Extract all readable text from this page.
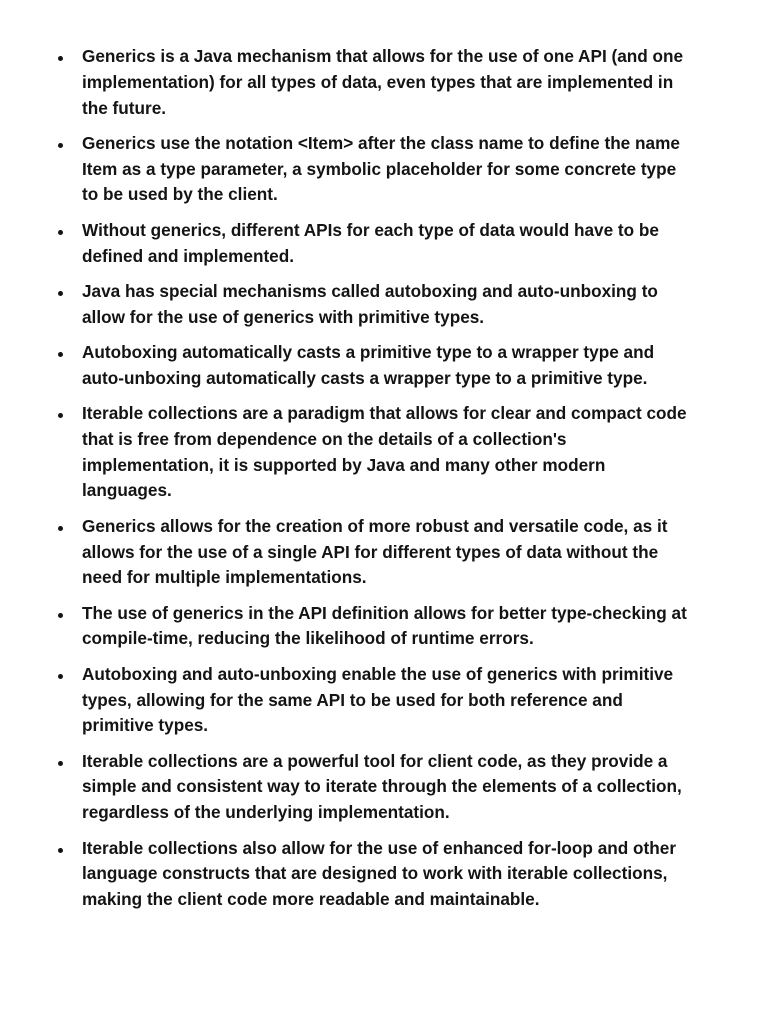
Generics is a Java mechanism that allows for the use of one API (and one implementation) for all types of data, even types that are implemented in the future.
Generics use the notation <Item> after the class name to define the name Item as a type parameter, a symbolic placeholder for some concrete type to be used by the client.
Without generics, different APIs for each type of data would have to be defined and implemented.
Java has special mechanisms called autoboxing and auto-unboxing to allow for the use of generics with primitive types.
Autoboxing automatically casts a primitive type to a wrapper type and auto-unboxing automatically casts a wrapper type to a primitive type.
Iterable collections are a paradigm that allows for clear and compact code that is free from dependence on the details of a collection's implementation, it is supported by Java and many other modern languages.
Generics allows for the creation of more robust and versatile code, as it allows for the use of a single API for different types of data without the need for multiple implementations.
The use of generics in the API definition allows for better type-checking at compile-time, reducing the likelihood of runtime errors.
Autoboxing and auto-unboxing enable the use of generics with primitive types, allowing for the same API to be used for both reference and primitive types.
Iterable collections are a powerful tool for client code, as they provide a simple and consistent way to iterate through the elements of a collection, regardless of the underlying implementation.
Iterable collections also allow for the use of enhanced for-loop and other language constructs that are designed to work with iterable collections, making the client code more readable and maintainable.
